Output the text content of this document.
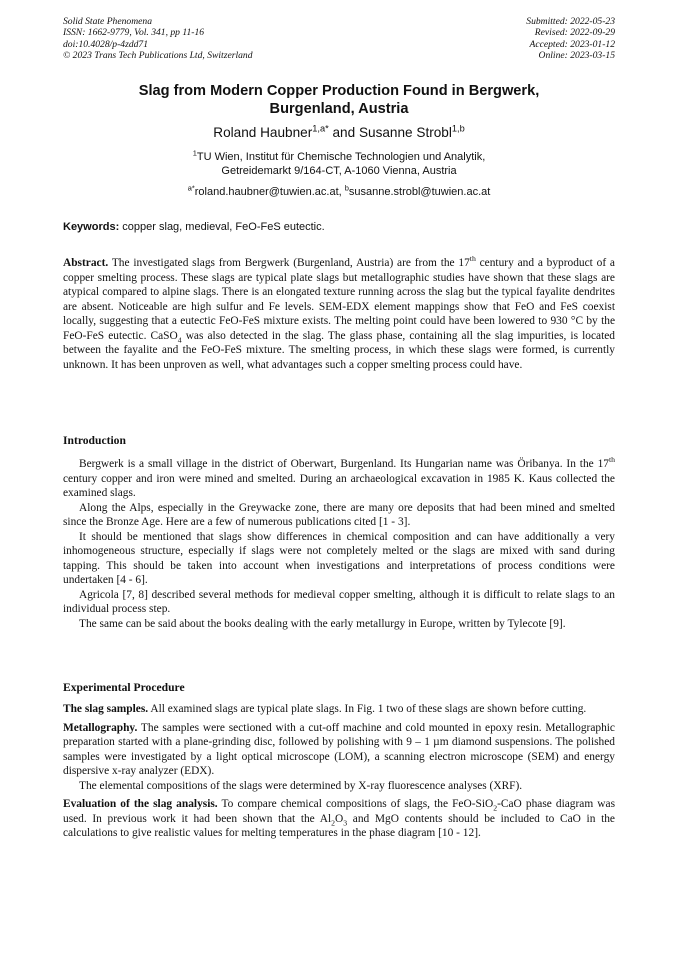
Solid State Phenomena
ISSN: 1662-9779, Vol. 341, pp 11-16
doi:10.4028/p-4zdd71
© 2023 Trans Tech Publications Ltd, Switzerland
Submitted: 2022-05-23
Revised: 2022-09-29
Accepted: 2023-01-12
Online: 2023-03-15
Slag from Modern Copper Production Found in Bergwerk,
Burgenland, Austria
Roland Haubner$^{1,a*}$ and Susanne Strobl$^{1,b}$
$^1$TU Wien, Institut für Chemische Technologien und Analytik,
Getreidemarkt 9/164-CT, A-1060 Vienna, Austria
$^{a*}$roland.haubner@tuwien.ac.at, $^b$susanne.strobl@tuwien.ac.at
Keywords: copper slag, medieval, FeO-FeS eutectic.

Abstract. The investigated slags from Bergwerk (Burgenland, Austria) are from the 17th century and a byproduct of a copper smelting process. These slags are typical plate slags but metallographic studies have shown that these slags are atypical compared to alpine slags. There is an elongated texture running across the slag but the typical fayalite dendrites are absent. Noticeable are high sulfur and Fe levels. SEM-EDX element mappings show that FeO and FeS coexist locally, suggesting that a eutectic FeO-FeS mixture exists. The melting point could have been lowered to 930 °C by the FeO-FeS eutectic. CaSO$_4$ was also detected in the slag. The glass phase, containing all the slag impurities, is located between the fayalite and the FeO-FeS mixture. The smelting process, in which these slags were formed, is currently unknown. It has been unproven as well, what advantages such a copper smelting process could have.

Introduction

Bergwerk is a small village in the district of Oberwart, Burgenland. Its Hungarian name was Öribanya. In the 17th century copper and iron were mined and smelted. During an archaeological excavation in 1985 K. Kaus collected the examined slags.

Along the Alps, especially in the Greywacke zone, there are many ore deposits that had been mined and smelted since the Bronze Age. Here are a few of numerous publications cited [1 - 3].

It should be mentioned that slags show differences in chemical composition and can have additionally a very inhomogeneous structure, especially if slags were not completely melted or the slags are mixed with sand during tapping. This should be taken into account when investigations and interpretations of process conditions were undertaken [4 - 6].

Agricola [7, 8] described several methods for medieval copper smelting, although it is difficult to relate slags to an individual process step.

The same can be said about the books dealing with the early metallurgy in Europe, written by Tylecote [9].

Experimental Procedure

The slag samples. All examined slags are typical plate slags. In Fig. 1 two of these slags are shown before cutting.

Metallography. The samples were sectioned with a cut-off machine and cold mounted in epoxy resin. Metallographic preparation started with a plane-grinding disc, followed by polishing with 9 – 1 µm diamond suspensions. The polished samples were investigated by a light optical microscope (LOM), a scanning electron microscope (SEM) and energy dispersive x-ray analyzer (EDX).

The elemental compositions of the slags were determined by X-ray fluorescence analyses (XRF).

Evaluation of the slag analysis. To compare chemical compositions of slags, the FeO-SiO$_2$-CaO phase diagram was used. In previous work it had been shown that the $Al_2O_3$ and MgO contents should be included to CaO in the calculations to give realistic values for melting temperatures in the phase diagram [10 - 12].
